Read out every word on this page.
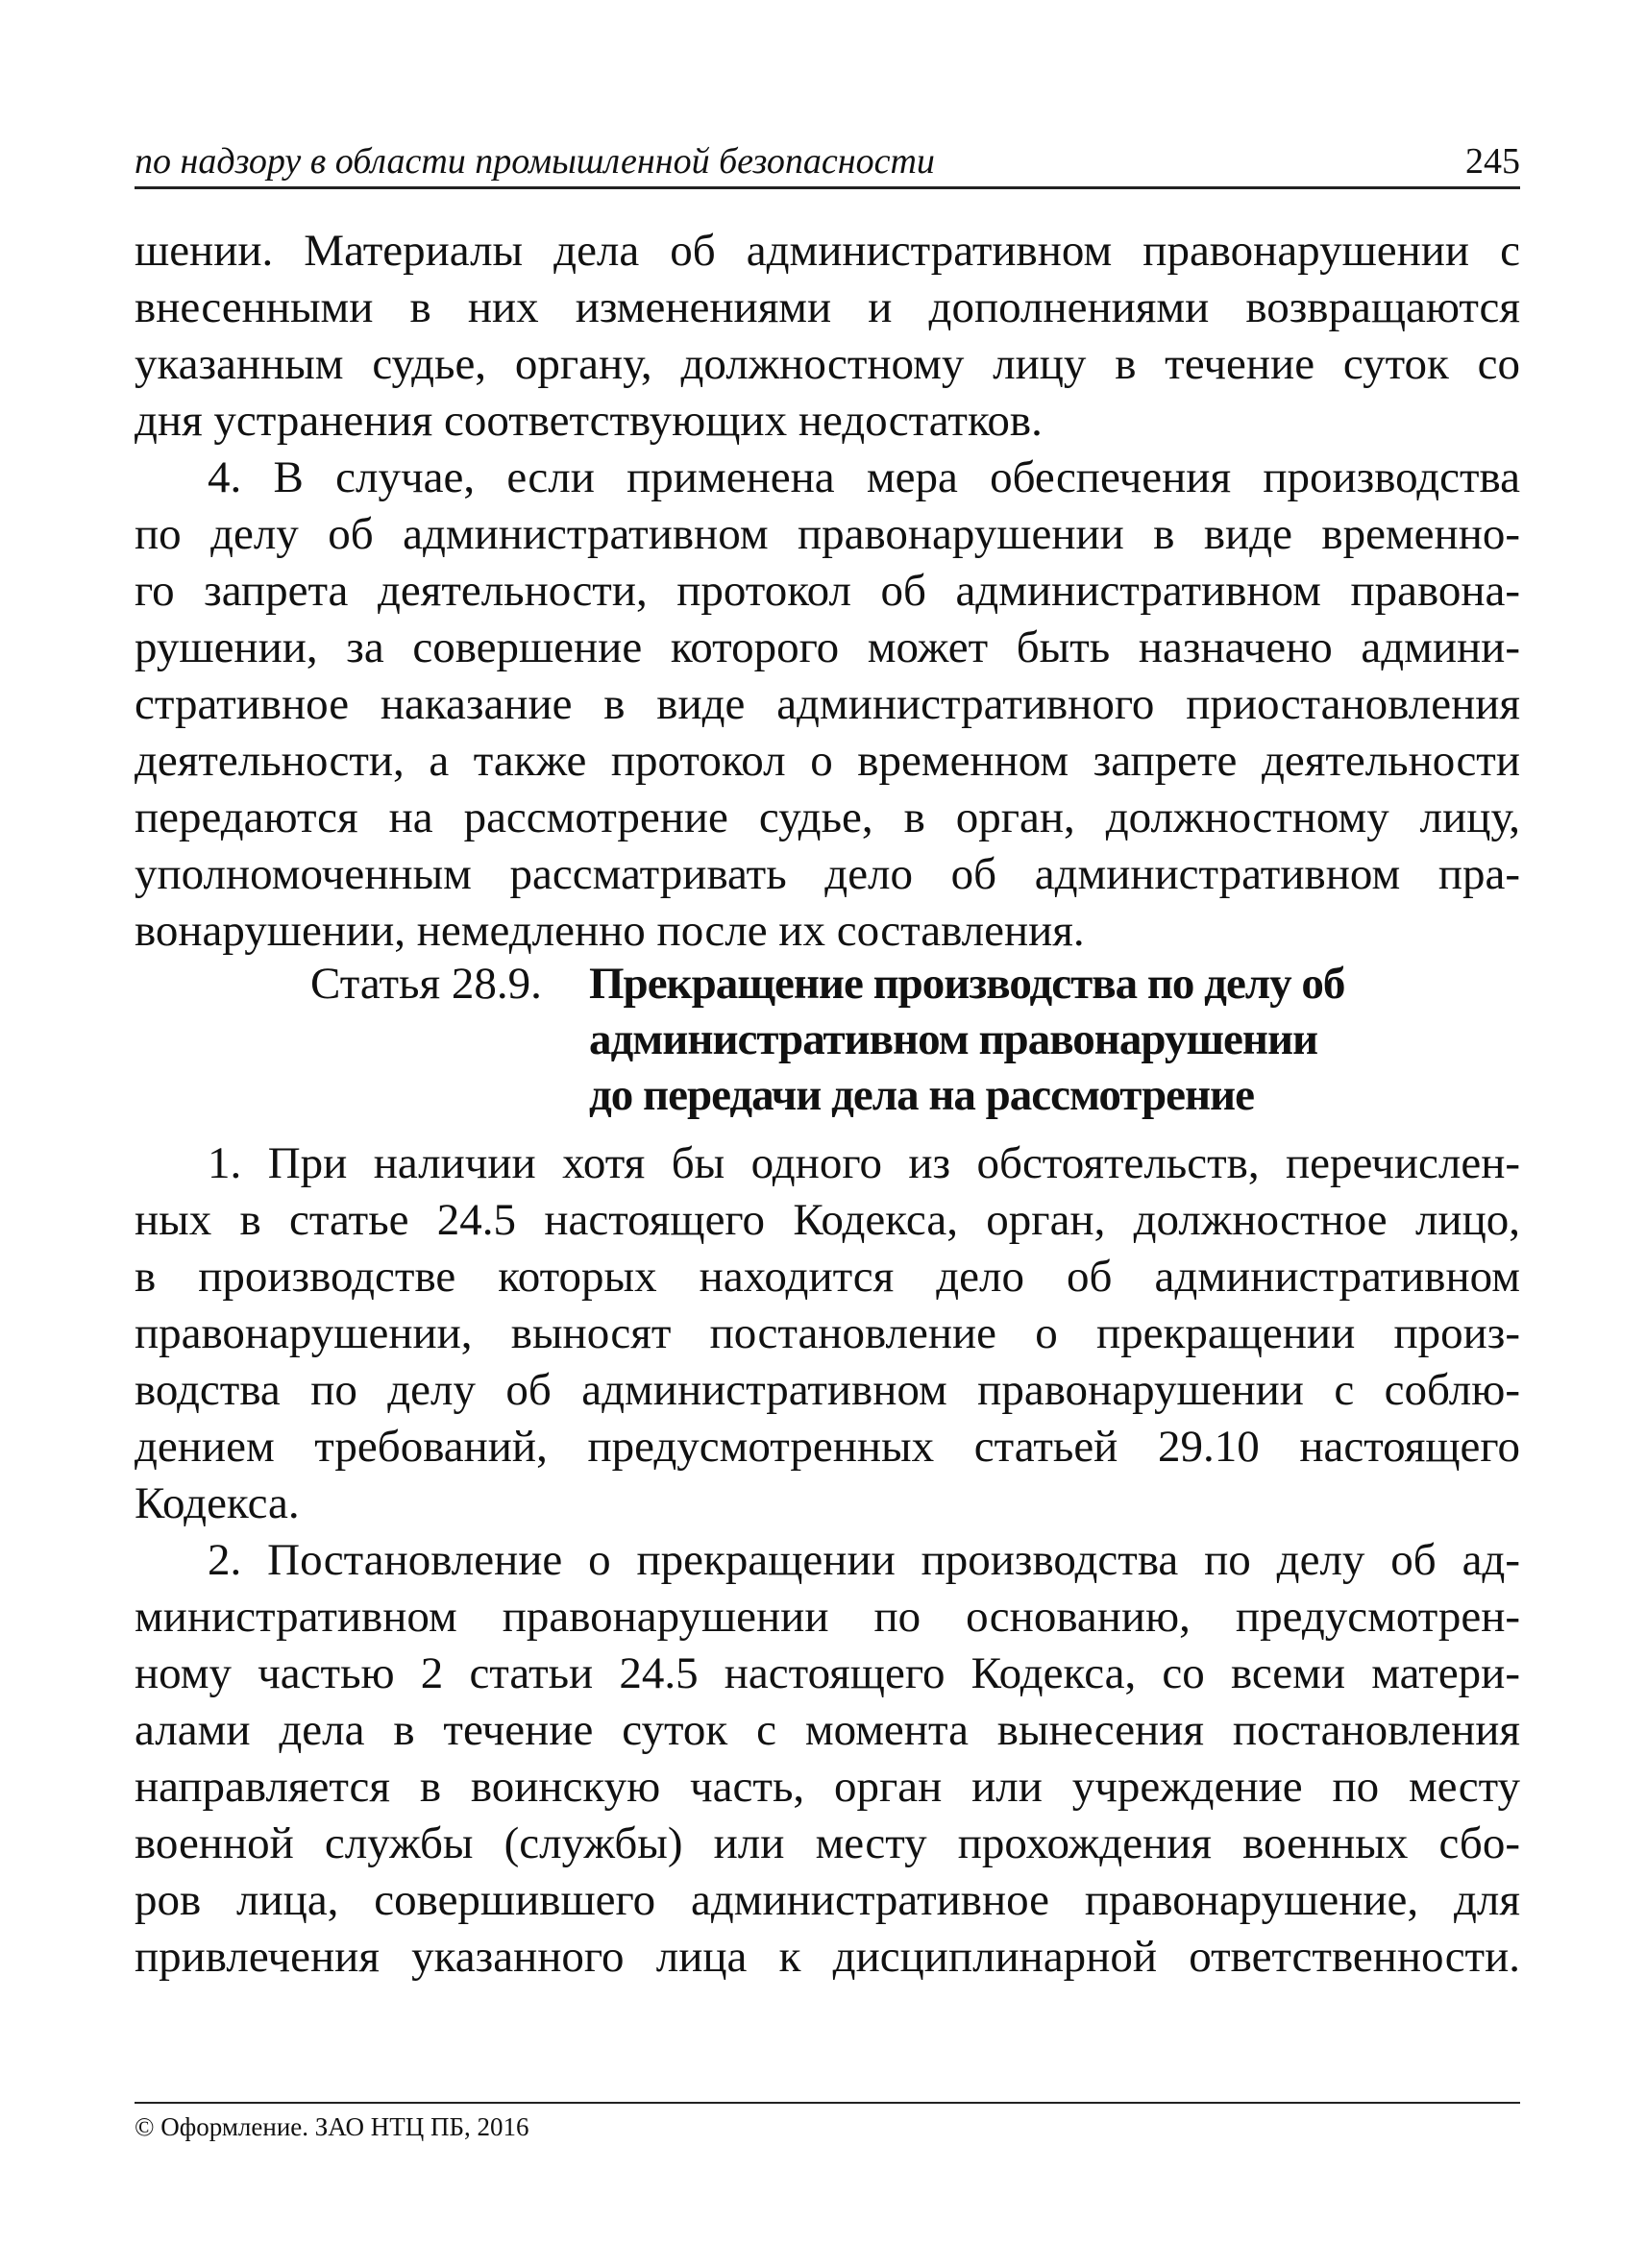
по надзору в области промышленной безопасности	245
шении. Материалы дела об административном правонарушении с
внесенными в них изменениями и дополнениями возвращаются
указанным судье, органу, должностному лицу в течение суток со
дня устранения соответствующих недостатков.
4. В случае, если применена мера обеспечения производства
по делу об административном правонарушении в виде временно-
го запрета деятельности, протокол об административном правона-
рушении, за совершение которого может быть назначено админи-
стративное наказание в виде административного приостановления
деятельности, а также протокол о временном запрете деятельности
передаются на рассмотрение судье, в орган, должностному лицу,
уполномоченным рассматривать дело об административном пра-
вонарушении, немедленно после их составления.
Статья 28.9. Прекращение производства по делу об
административном правонарушении
до передачи дела на рассмотрение
1. При наличии хотя бы одного из обстоятельств, перечислен-
ных в статье 24.5 настоящего Кодекса, орган, должностное лицо,
в производстве которых находится дело об административном
правонарушении, выносят постановление о прекращении произ-
водства по делу об административном правонарушении с соблю-
дением требований, предусмотренных статьей 29.10 настоящего
Кодекса.
2. Постановление о прекращении производства по делу об ад-
министративном правонарушении по основанию, предусмотрен-
ному частью 2 статьи 24.5 настоящего Кодекса, со всеми матери-
алами дела в течение суток с момента вынесения постановления
направляется в воинскую часть, орган или учреждение по месту
военной службы (службы) или месту прохождения военных сбо-
ров лица, совершившего административное правонарушение, для
привлечения указанного лица к дисциплинарной ответственности.
© Оформление. ЗАО НТЦ ПБ, 2016
